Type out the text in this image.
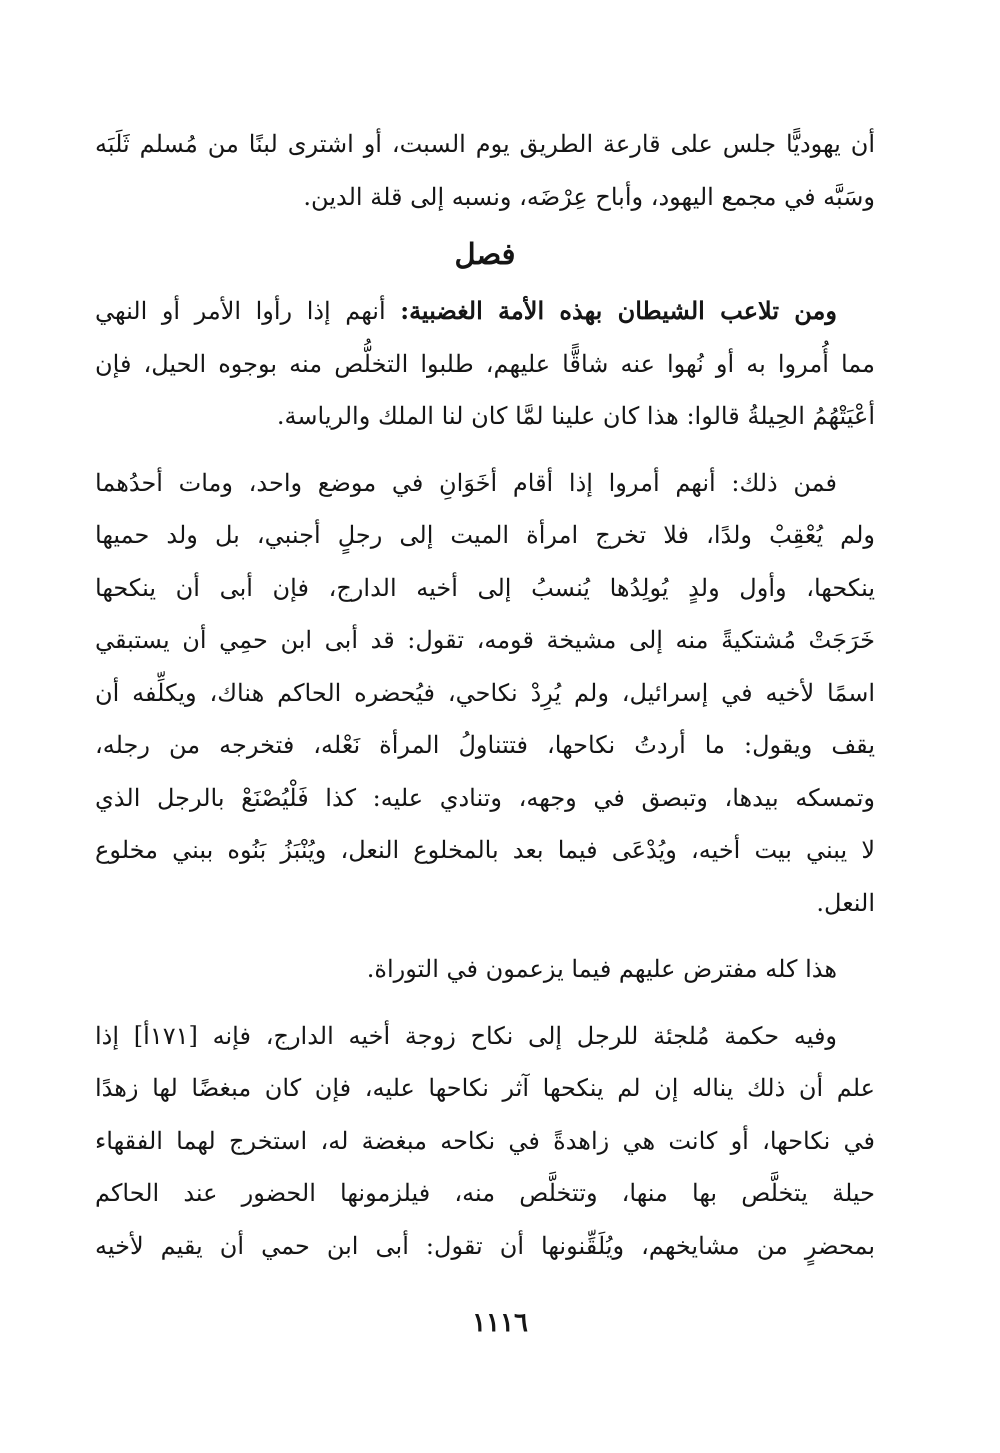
أن يهوديًّا جلس على قارعة الطريق يوم السبت، أو اشترى لبنًا من مُسلم ثَلَبَه
وسَبَّه في مجمع اليهود، وأباح عِرْضَه، ونسبه إلى قلة الدين.
فصل
ومن تلاعب الشيطان بهذه الأمة الغضبية: أنهم إذا رأوا الأمر أو النهي
مما أُمروا به أو نُهوا عنه شاقًّا عليهم، طلبوا التخلُّص منه بوجوه الحيل، فإن
أعْيَتْهُمُ الحِيلةُ قالوا: هذا كان علينا لمَّا كان لنا الملك والرياسة.
فمن ذلك: أنهم أمروا إذا أقام أخَوَانِ في موضع واحد، ومات أحدُهما
ولم يُعْقِبْ ولدًا، فلا تخرج امرأة الميت إلى رجلٍ أجنبي، بل ولد حميها
ينكحها، وأول ولدٍ يُولِدُها يُنسبُ إلى أخيه الدارج، فإن أبى أن ينكحها
خَرَجَتْ مُشتكيةً منه إلى مشيخة قومه، تقول: قد أبى ابن حمِي أن يستبقي
اسمًا لأخيه في إسرائيل، ولم يُرِدْ نكاحي، فيُحضره الحاكم هناك، ويكلِّفه أن
يقف ويقول: ما أردتُ نكاحها، فتتناولُ المرأة نَعْله، فتخرجه من رجله،
وتمسكه بيدها، وتبصق في وجهه، وتنادي عليه: كذا فَلْيُصْنَعْ بالرجل الذي
لا يبني بيت أخيه، ويُدْعَى فيما بعد بالمخلوع النعل، ويُنْبَزُ بَنُوه ببني مخلوع
النعل.
هذا كله مفترض عليهم فيما يزعمون في التوراة.
وفيه حكمة مُلجئة للرجل إلى نكاح زوجة أخيه الدارج، فإنه [١٧١أ] إذا
علم أن ذلك يناله إن لم ينكحها آثر نكاحها عليه، فإن كان مبغضًا لها زهدًا
في نكاحها، أو كانت هي زاهدةً في نكاحه مبغضة له، استخرج لهما الفقهاء
حيلة يتخلَّص بها منها، وتتخلَّص منه، فيلزمونها الحضور عند الحاكم
بمحضرٍ من مشايخهم، ويُلَقِّنونها أن تقول: أبى ابن حمي أن يقيم لأخيه
١١١٦
